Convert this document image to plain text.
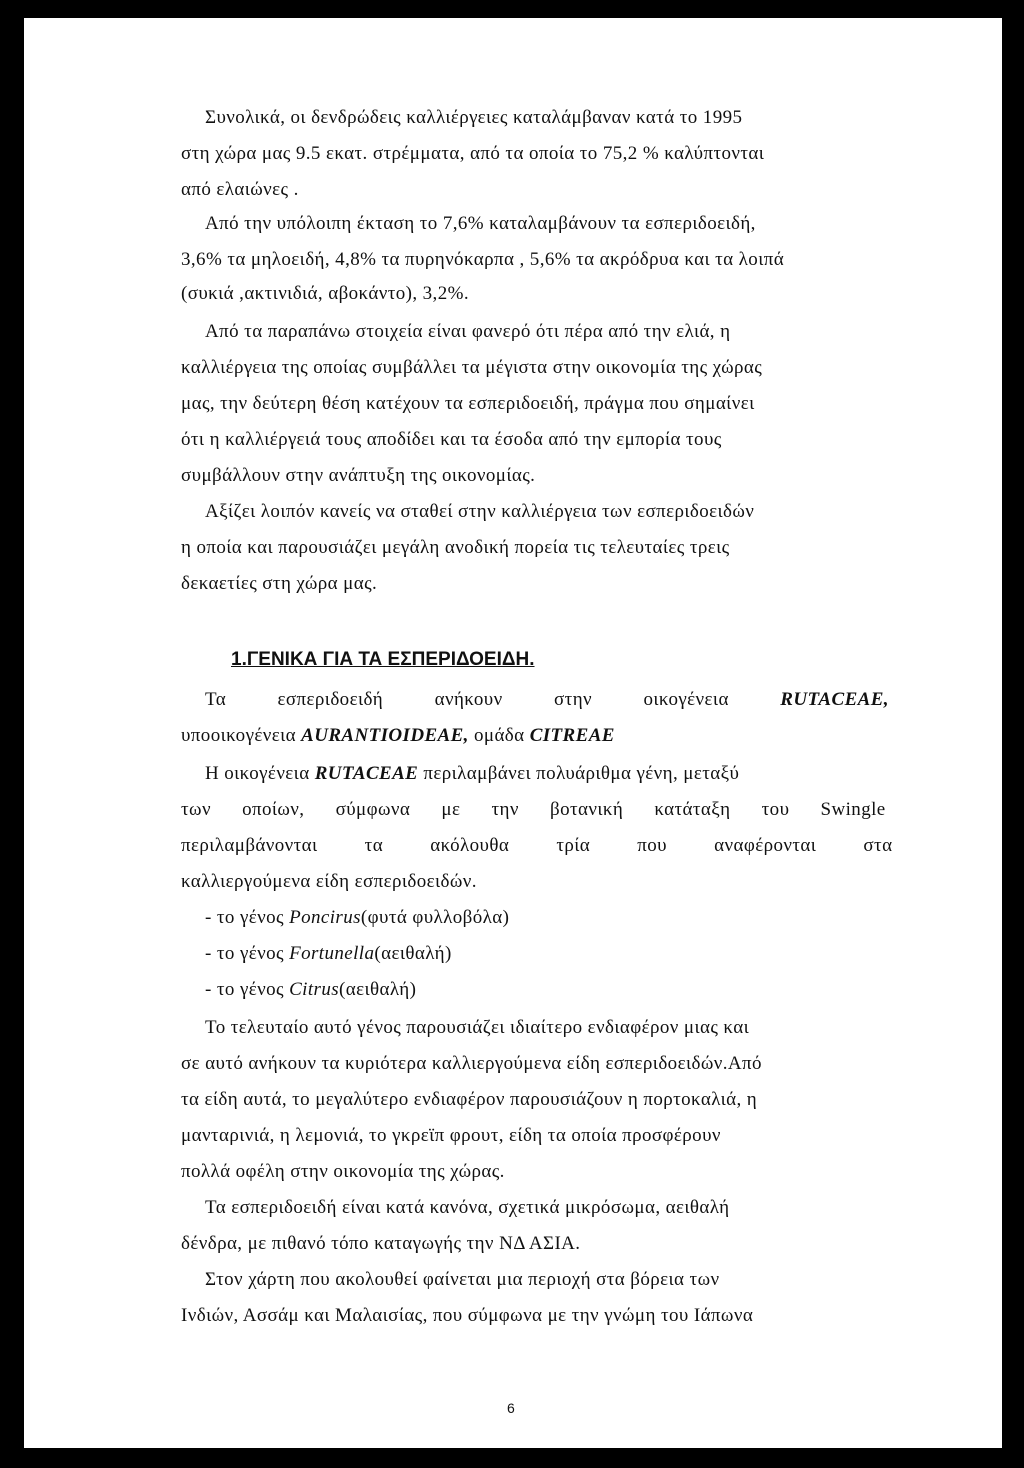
Συνολικά, οι δενδρώδεις καλλιέργειες καταλάμβαναν κατά το 1995
στη χώρα μας 9.5 εκατ. στρέμματα, από τα οποία το 75,2 % καλύπτονται
από ελαιώνες .
Από την υπόλοιπη έκταση το 7,6% καταλαμβάνουν τα εσπεριδοειδή,
3,6% τα μηλοειδή, 4,8% τα πυρηνόκαρπα , 5,6% τα ακρόδρυα και τα λοιπά
(συκιά ,ακτινιδιά, αβοκάντο), 3,2%.
Από τα παραπάνω στοιχεία είναι φανερό ότι πέρα από την ελιά, η
καλλιέργεια της οποίας συμβάλλει τα μέγιστα στην οικονομία της χώρας
μας, την δεύτερη θέση κατέχουν τα εσπεριδοειδή, πράγμα που σημαίνει
ότι η καλλιέργειά τους αποδίδει και τα έσοδα από την εμπορία τους
συμβάλλουν στην ανάπτυξη της οικονομίας.
Αξίζει λοιπόν κανείς να σταθεί στην καλλιέργεια των εσπεριδοειδών
η οποία και παρουσιάζει μεγάλη ανοδική πορεία τις τελευταίες τρεις
δεκαετίες στη χώρα μας.
1.ΓΕΝΙΚΑ ΓΙΑ ΤΑ ΕΣΠΕΡΙΔΟΕΙΔΗ.
Τα	εσπεριδοειδή	ανήκουν	στην	οικογένεια	RUTACEAE,
υποοικογένεια AURANTIOIDEAE, ομάδα CITREAE
Η οικογένεια RUTACEAE περιλαμβάνει πολυάριθμα γένη, μεταξύ
των οποίων, σύμφωνα με την βοτανική κατάταξη του Swingle
περιλαμβάνονται τα ακόλουθα τρία που αναφέρονται στα
καλλιεργούμενα είδη εσπεριδοειδών.
- το γένος Poncirus(φυτά φυλλοβόλα)
- το γένος Fortunella(αειθαλή)
- το γένος Citrus(αειθαλή)
Το τελευταίο αυτό γένος παρουσιάζει ιδιαίτερο ενδιαφέρον μιας και
σε αυτό ανήκουν τα κυριότερα καλλιεργούμενα είδη εσπεριδοειδών.Από
τα είδη αυτά, το μεγαλύτερο ενδιαφέρον παρουσιάζουν η πορτοκαλιά, η
μανταρινιά, η λεμονιά, το γκρεϊπ φρουτ, είδη τα οποία προσφέρουν
πολλά οφέλη στην οικονομία της χώρας.
Τα εσπεριδοειδή είναι κατά κανόνα, σχετικά μικρόσωμα, αειθαλή
δένδρα, με πιθανό τόπο καταγωγής την ΝΔ ΑΣΙΑ.
Στον χάρτη που ακολουθεί φαίνεται μια περιοχή στα βόρεια των
Ινδιών, Ασσάμ και Μαλαισίας, που σύμφωνα με την γνώμη του Ιάπωνα
6
